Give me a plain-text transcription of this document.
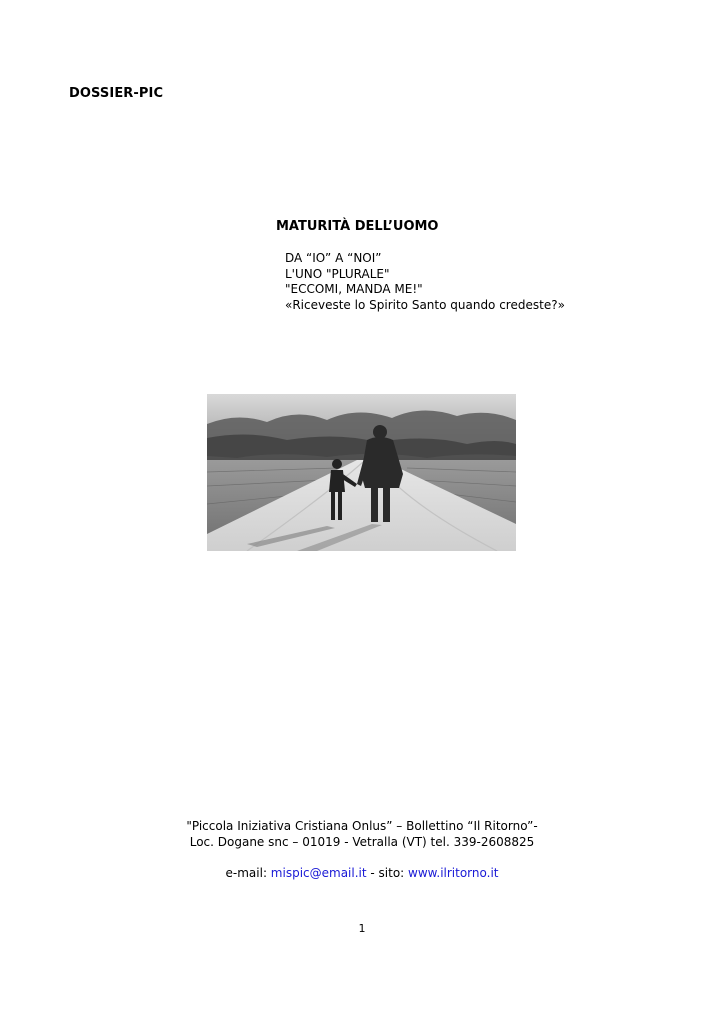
DOSSIER-PIC
MATURITÀ DELL’UOMO
DA “IO” A “NOI”
L'UNO "PLURALE"
"ECCOMI, MANDA ME!"
«Riceveste lo Spirito Santo quando credeste?»
"Piccola Iniziativa Cristiana Onlus” – Bollettino “Il Ritorno”-
Loc. Dogane snc – 01019 - Vetralla (VT) tel. 339-2608825
e-mail: mispic@email.it - sito: www.ilritorno.it
1
